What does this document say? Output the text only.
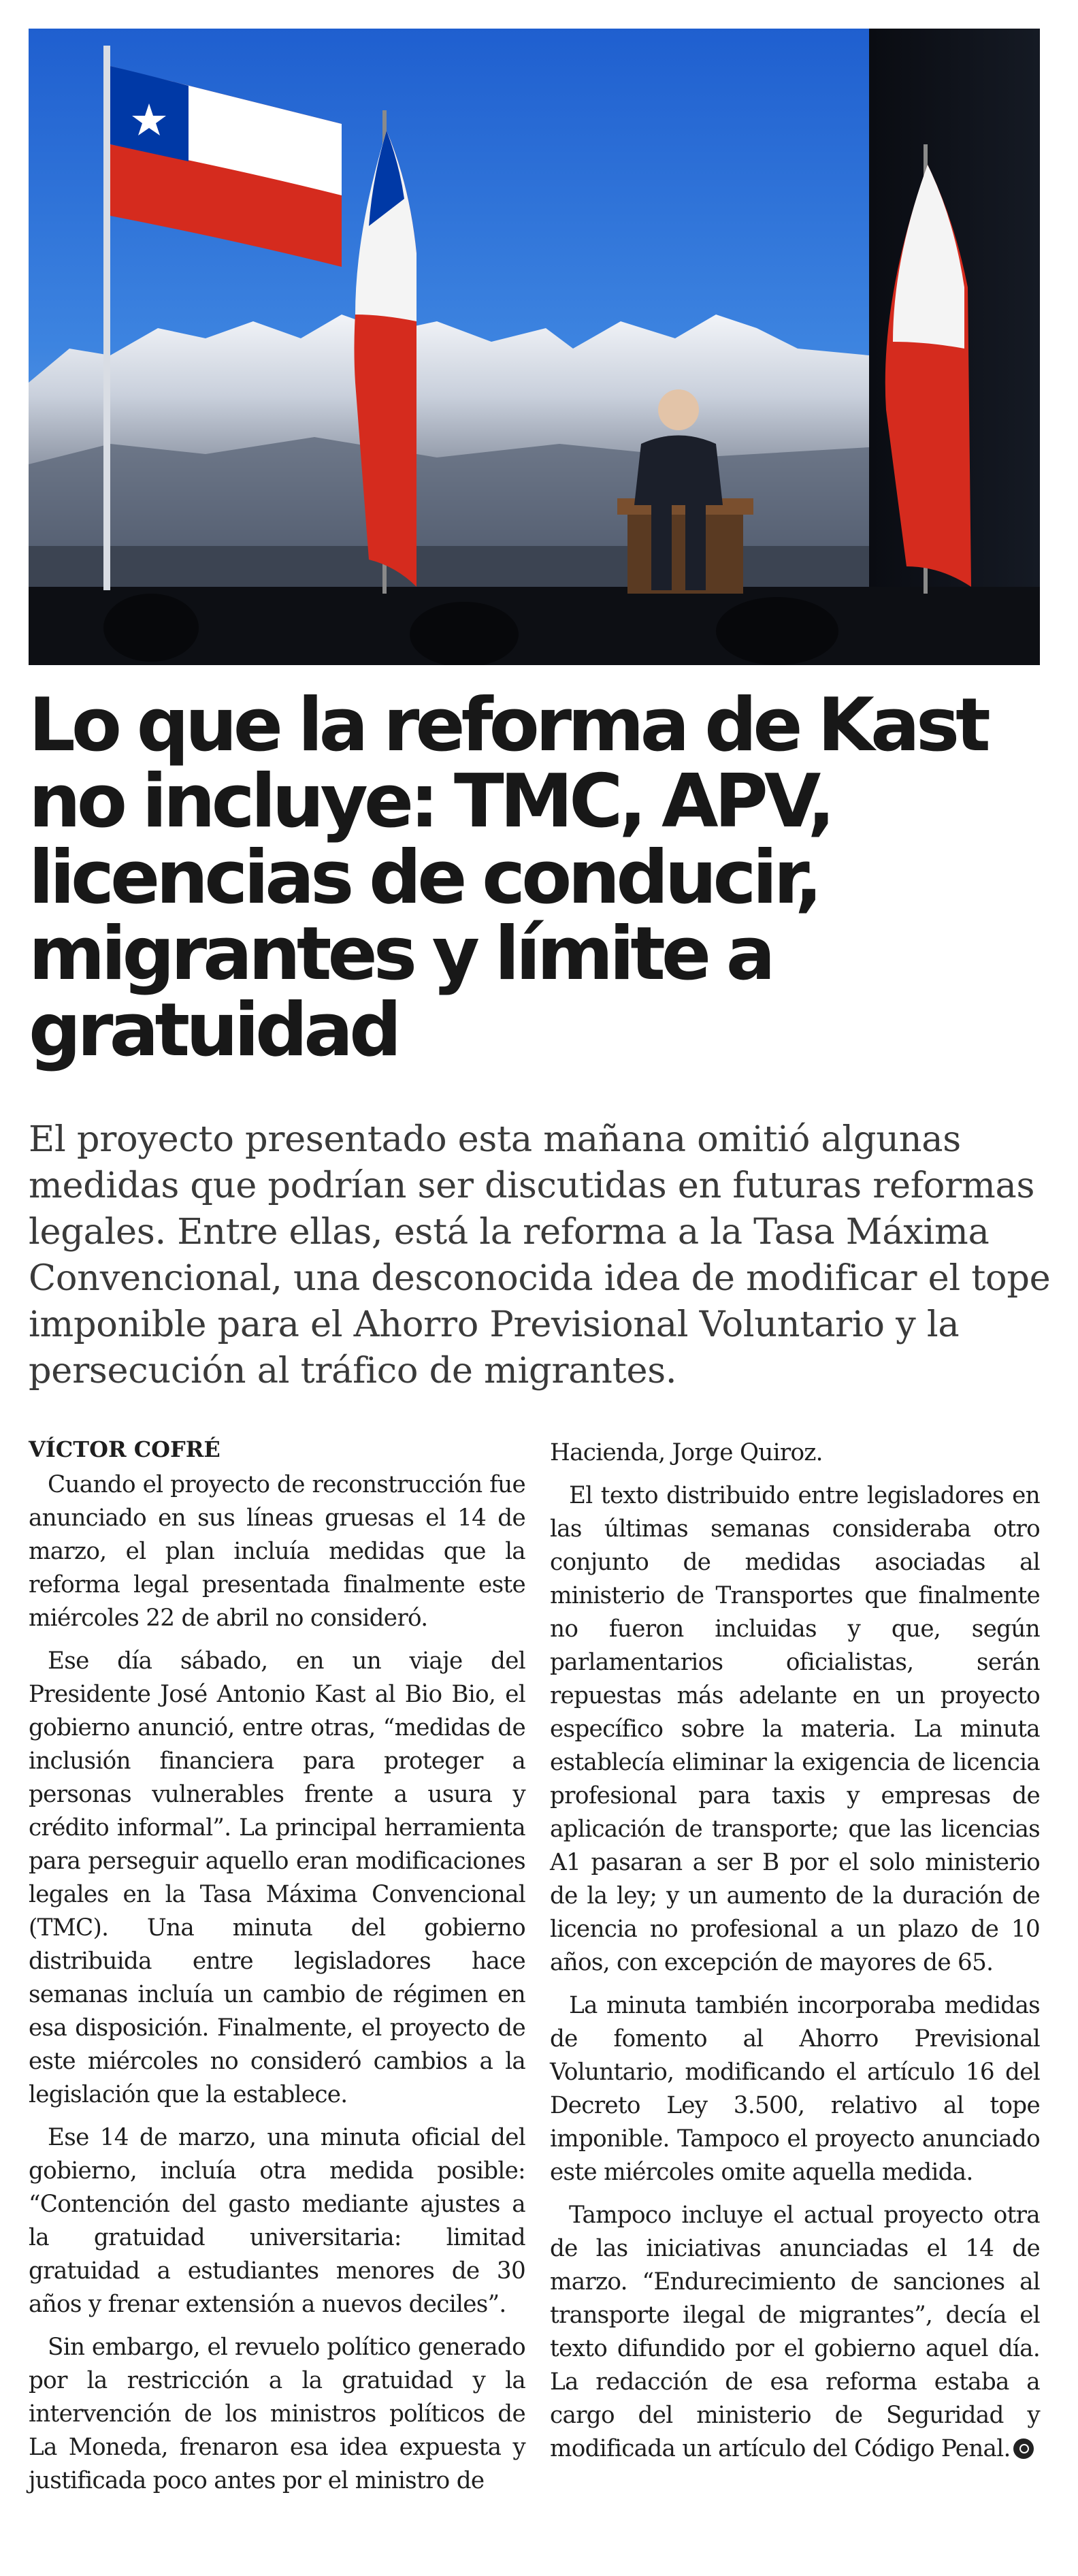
Lo que la reforma de Kast no incluye: TMC, APV, licencias de conducir, migrantes y límite a gratuidad

El proyecto presentado esta mañana omitió algunas medidas que podrían ser discutidas en futuras reformas legales. Entre ellas, está la reforma a la Tasa Máxima Convencional, una desconocida idea de modificar el tope imponible para el Ahorro Previsional Voluntario y la persecución al tráfico de migrantes.

VÍCTOR COFRÉ

Cuando el proyecto de reconstrucción fue anunciado en sus líneas gruesas el 14 de marzo, el plan incluía medidas que la reforma legal presentada finalmente este miércoles 22 de abril no consideró.

Ese día sábado, en un viaje del Presidente José Antonio Kast al Bio Bio, el gobierno anunció, entre otras, “medidas de inclusión financiera para proteger a personas vulnerables frente a usura y crédito informal”. La principal herramienta para perseguir aquello eran modificaciones legales en la Tasa Máxima Convencional (TMC). Una minuta del gobierno distribuida entre legisladores hace semanas incluía un cambio de régimen en esa disposición. Finalmente, el proyecto de este miércoles no consideró cambios a la legislación que la establece.

Ese 14 de marzo, una minuta oficial del gobierno, incluía otra medida posible: “Contención del gasto mediante ajustes a la gratuidad universitaria: limitad gratuidad a estudiantes menores de 30 años y frenar extensión a nuevos deciles”.

Sin embargo, el revuelo político generado por la restricción a la gratuidad y la intervención de los ministros políticos de La Moneda, frenaron esa idea expuesta y justificada poco antes por el ministro de

Hacienda, Jorge Quiroz.

El texto distribuido entre legisladores en las últimas semanas consideraba otro conjunto de medidas asociadas al ministerio de Transportes que finalmente no fueron incluidas y que, según parlamentarios oficialistas, serán repuestas más adelante en un proyecto específico sobre la materia. La minuta establecía eliminar la exigencia de licencia profesional para taxis y empresas de aplicación de transporte; que las licencias A1 pasaran a ser B por el solo ministerio de la ley; y un aumento de la duración de licencia no profesional a un plazo de 10 años, con excepción de mayores de 65.

La minuta también incorporaba medidas de fomento al Ahorro Previsional Voluntario, modificando el artículo 16 del Decreto Ley 3.500, relativo al tope imponible. Tampoco el proyecto anunciado este miércoles omite aquella medida.

Tampoco incluye el actual proyecto otra de las iniciativas anunciadas el 14 de marzo. “Endurecimiento de sanciones al transporte ilegal de migrantes”, decía el texto difundido por el gobierno aquel día. La redacción de esa reforma estaba a cargo del ministerio de Seguridad y modificada un artículo del Código Penal.
